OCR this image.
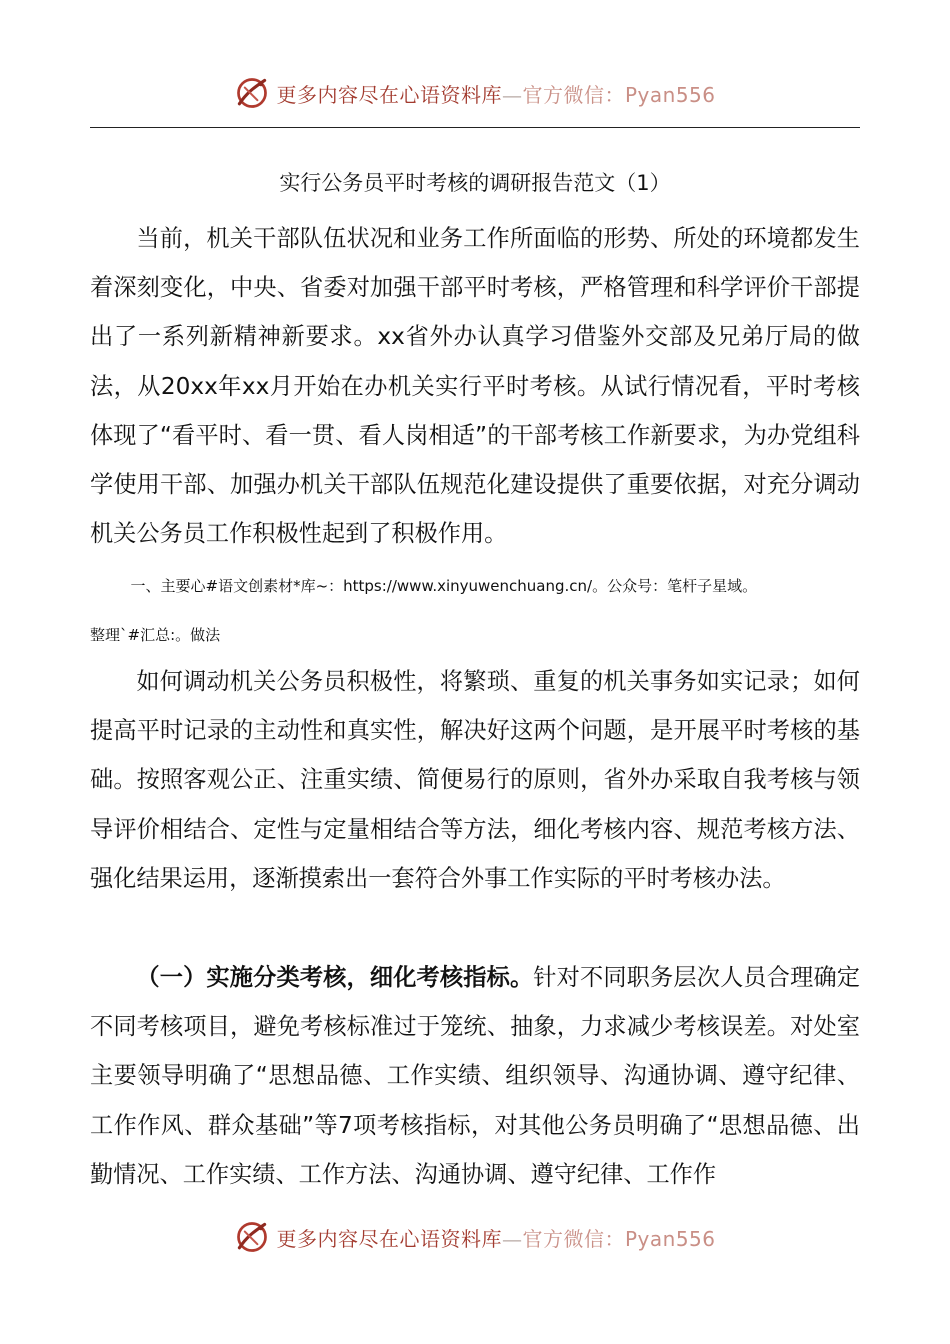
更多内容尽在心语资料库—官方微信：Pyan556
实行公务员平时考核的调研报告范文（1）

当前，机关干部队伍状况和业务工作所面临的形势、所处的环境都发生着深刻变化，中央、省委对加强干部平时考核，严格管理和科学评价干部提出了一系列新精神新要求。xx省外办认真学习借鉴外交部及兄弟厅局的做法，从20xx年xx月开始在办机关实行平时考核。从试行情况看，平时考核体现了“看平时、看一贯、看人岗相适”的干部考核工作新要求，为办党组科学使用干部、加强办机关干部队伍规范化建设提供了重要依据，对充分调动机关公务员工作积极性起到了积极作用。

一、主要心#语文创素材*库~：https://www.xinyuwenchuang.cn/。公众号：笔杆子星域。

整理`#汇总:。做法

如何调动机关公务员积极性，将繁琐、重复的机关事务如实记录；如何提高平时记录的主动性和真实性，解决好这两个问题，是开展平时考核的基础。按照客观公正、注重实绩、简便易行的原则，省外办采取自我考核与领导评价相结合、定性与定量相结合等方法，细化考核内容、规范考核方法、强化结果运用，逐渐摸索出一套符合外事工作实际的平时考核办法。

（一）实施分类考核，细化考核指标。针对不同职务层次人员合理确定不同考核项目，避免考核标准过于笼统、抽象，力求减少考核误差。对处室主要领导明确了“思想品德、工作实绩、组织领导、沟通协调、遵守纪律、工作作风、群众基础”等7项考核指标，对其他公务员明确了“思想品德、出勤情况、工作实绩、工作方法、沟通协调、遵守纪律、工作作

更多内容尽在心语资料库—官方微信：Pyan556
